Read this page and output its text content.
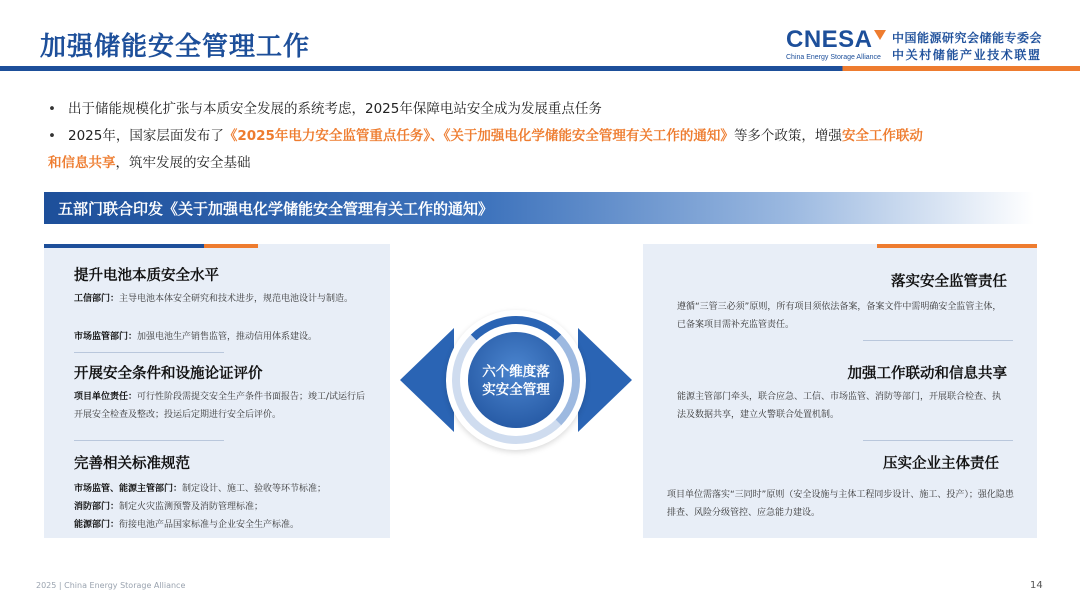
加强储能安全管理工作	CNESA
China Energy Storage Alliance
中国能源研究会储能专委会
中关村储能产业技术联盟
• 出于储能规模化扩张与本质安全发展的系统考虑，2025年保障电站安全成为发展重点任务
• 2025年，国家层面发布了《2025年电力安全监管重点任务》、《关于加强电化学储能安全管理有关工作的通知》等多个政策，增强安全工作联动
和信息共享，筑牢发展的安全基础
五部门联合印发《关于加强电化学储能安全管理有关工作的通知》
提升电池本质安全水平
工信部门：主导电池本体安全研究和技术进步，规范电池设计与制造。
市场监管部门：加强电池生产销售监管，推动信用体系建设。
开展安全条件和设施论证评价
项目单位责任：可行性阶段需提交安全生产条件书面报告；竣工/试运行后开展安全检查及整改；投运后定期进行安全后评价。
完善相关标准规范
市场监管、能源主管部门：制定设计、施工、验收等环节标准；
消防部门：制定火灾监测预警及消防管理标准；
能源部门：衔接电池产品国家标准与企业安全生产标准。
六个维度落
实安全管理
落实安全监管责任
遵循“三管三必须”原则，所有项目须依法备案，备案文件中需明确安全监管主体，已备案项目需补充监管责任。
加强工作联动和信息共享
能源主管部门牵头，联合应急、工信、市场监管、消防等部门，开展联合检查、执法及数据共享，建立火警联合处置机制。
压实企业主体责任
项目单位需落实“三同时”原则（安全设施与主体工程同步设计、施工、投产）；强化隐患排查、风险分级管控、应急能力建设。
2025 | China Energy Storage Alliance	14
